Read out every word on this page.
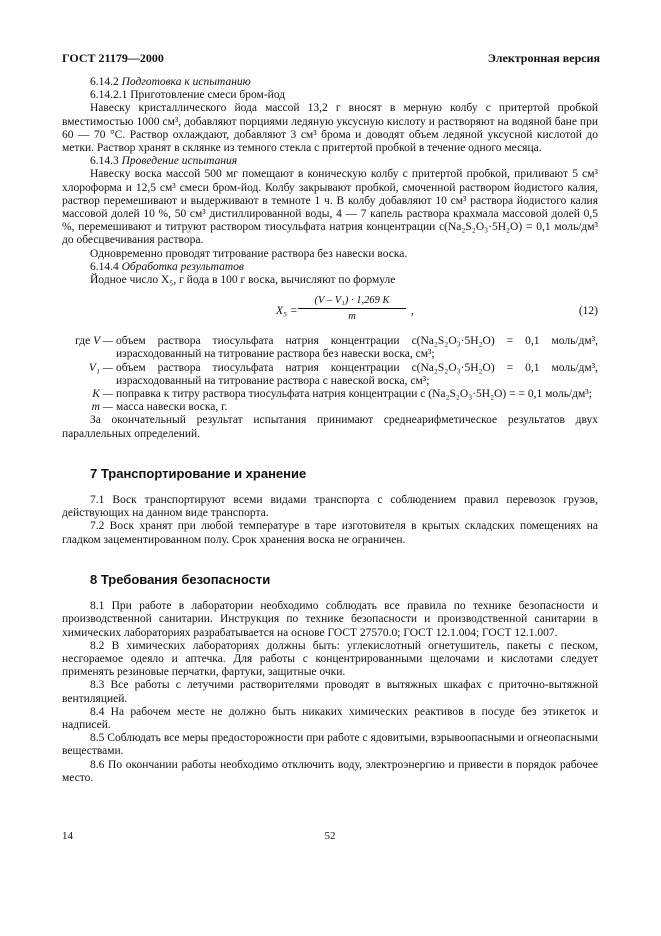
ГОСТ 21179—2000	Электронная версия

6.14.2 Подготовка к испытанию

6.14.2.1 Приготовление смеси бром-йод

Навеску кристаллического йода массой 13,2 г вносят в мерную колбу с притертой пробкой вместимостью 1000 см³, добавляют порциями ледяную уксусную кислоту и растворяют на водяной бане при 60 — 70 °С. Раствор охлаждают, добавляют 3 см³ брома и доводят объем ледяной уксусной кислотой до метки. Раствор хранят в склянке из темного стекла с притертой пробкой в течение одного месяца.

6.14.3 Проведение испытания

Навеску воска массой 500 мг помещают в коническую колбу с притертой пробкой, приливают 5 см³ хлороформа и 12,5 см³ смеси бром-йод. Колбу закрывают пробкой, смоченной раствором йодистого калия, раствор перемешивают и выдерживают в темноте 1 ч. В колбу добавляют 10 см³ раствора йодистого калия массовой долей 10 %, 50 см³ дистиллированной воды, 4 — 7 капель раствора крахмала массовой долей 0,5 %, перемешивают и титруют раствором тиосульфата натрия концентрации c(Na₂S₂O₃·5H₂O) = 0,1 моль/дм³ до обесцвечивания раствора.

Одновременно проводят титрование раствора без навески воска.

6.14.4 Обработка результатов

Йодное число X₅, г йода в 100 г воска, вычисляют по формуле

$X_5 = \frac{\text{(V – V₁) · 1,269 K}}{m}$ ,	(12)
где V — объем раствора тиосульфата натрия концентрации c(Na₂S₂O₃·5H₂O) = 0,1 моль/дм³, израсходованный на титрование раствора без навески воска, см³;
V₁ — объем раствора тиосульфата натрия концентрации c(Na₂S₂O₃·5H₂O) = 0,1 моль/дм³, израсходованный на титрование раствора с навеской воска, см³;
K — поправка к титру раствора тиосульфата натрия концентрации c (Na₂S₂O₃·5H₂O) = = 0,1 моль/дм³;
m — масса навески воска, г.

За окончательный результат испытания принимают среднеарифметическое результатов двух параллельных определений.

7 Транспортирование и хранение

7.1 Воск транспортируют всеми видами транспорта с соблюдением правил перевозок грузов, действующих на данном виде транспорта.

7.2 Воск хранят при любой температуре в таре изготовителя в крытых складских помещениях на гладком зацементированном полу. Срок хранения воска не ограничен.

8 Требования безопасности

8.1 При работе в лаборатории необходимо соблюдать все правила по технике безопасности и производственной санитарии. Инструкция по технике безопасности и производственной санитарии в химических лабораториях разрабатывается на основе ГОСТ 27570.0; ГОСТ 12.1.004; ГОСТ 12.1.007.

8.2 В химических лабораториях должны быть: углекислотный огнетушитель, пакеты с песком, несгораемое одеяло и аптечка. Для работы с концентрированными щелочами и кислотами следует применять резиновые перчатки, фартуки, защитные очки.

8.3 Все работы с летучими растворителями проводят в вытяжных шкафах с приточно-вытяжной вентиляцией.

8.4 На рабочем месте не должно быть никаких химических реактивов в посуде без этикеток и надписей.

8.5 Соблюдать все меры предосторожности при работе с ядовитыми, взрывоопасными и огнеопасными веществами.

8.6 По окончании работы необходимо отключить воду, электроэнергию и привести в порядок рабочее место.

14	52
